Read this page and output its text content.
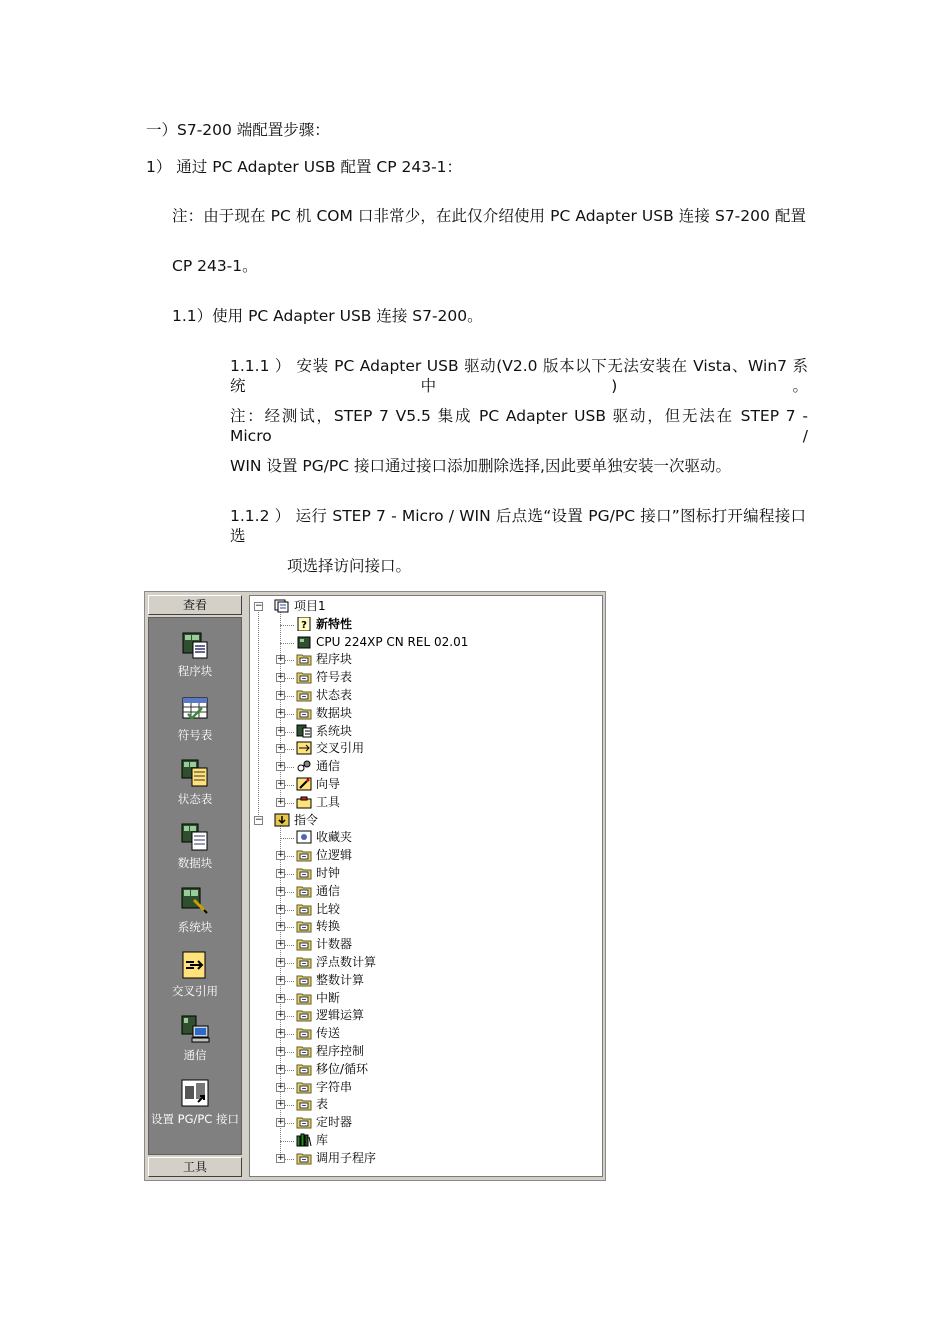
一）S7-200 端配置步骤：
1） 通过 PC Adapter USB 配置 CP 243-1：
注：由于现在 PC 机 COM 口非常少，在此仅介绍使用 PC Adapter USB 连接 S7-200 配置
CP 243-1。
1.1）使用 PC Adapter USB 连接 S7-200。
1.1.1 ） 安装 PC Adapter USB 驱动(V2.0 版本以下无法安装在 Vista、Win7 系统中)。
注：经测试，STEP 7 V5.5 集成 PC Adapter USB 驱动，但无法在 STEP 7 - Micro /
WIN 设置 PG/PC 接口通过接口添加删除选择,因此要单独安装一次驱动。
1.1.2 ） 运行 STEP 7 - Micro / WIN 后点选“设置 PG/PC 接口”图标打开编程接口选
项选择访问接口。
查看
程序块
符号表
状态表
数据块
系统块
交叉引用
通信
设置 PG/PC 接口
工具
−	项目1
? 新特性
CPU 224XP CN REL 02.01
+	程序块
+	符号表
+	状态表
+	数据块
+	系统块
+	交叉引用
+	通信
+	向导
+	工具
−	指令
收藏夹
+	位逻辑
+	时钟
+	通信
+	比较
+	转换
+	计数器
+	浮点数计算
+	整数计算
+	中断
+	逻辑运算
+	传送
+	程序控制
+	移位/循环
+	字符串
+	表
+	定时器
库
+	调用子程序
